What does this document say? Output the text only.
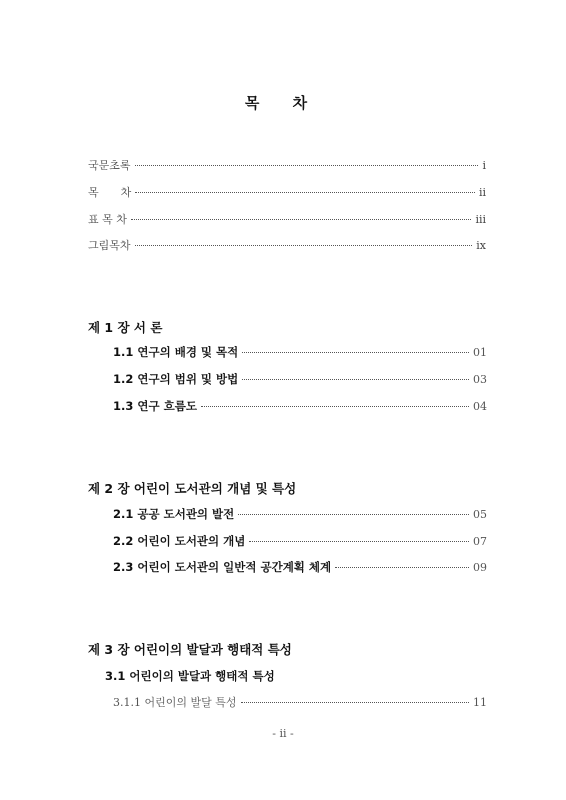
목 차
국문초록	i
목　　차	ii
표 목 차	iii
그림목차	ix
제 1 장 서 론
1.1 연구의 배경 및 목적	01
1.2 연구의 범위 및 방법	03
1.3 연구 흐름도	04
제 2 장 어린이 도서관의 개념 및 특성
2.1 공공 도서관의 발전	05
2.2 어린이 도서관의 개념	07
2.3 어린이 도서관의 일반적 공간계획 체계	09
제 3 장 어린이의 발달과 행태적 특성
3.1 어린이의 발달과 행태적 특성
3.1.1 어린이의 발달 특성	11
- ii -
